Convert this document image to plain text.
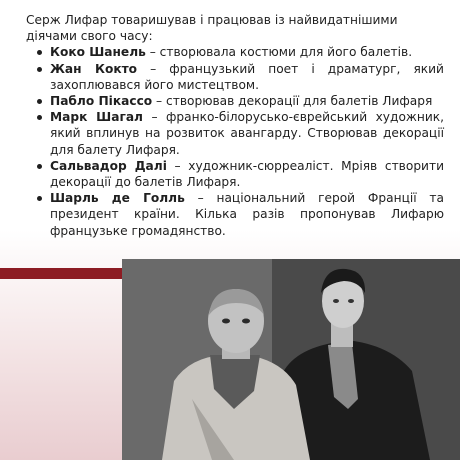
Серж Лифар товаришував і працював із найвидатнішими діячами свого часу:

Коко Шанель – створювала костюми для його балетів.
Жан Кокто – французький поет і драматург, який захоплювався його мистецтвом.
Пабло Пікассо – створював декорації для балетів Лифаря
Марк Шагал – франко-білорусько-єврейський художник, який вплинув на розвиток авангарду. Створював декорації для балету Лифаря.
Сальвадор Далі – художник-сюрреаліст. Мріяв створити декорації до балетів Лифаря.
Шарль де Голль – національний герой Франції та президент країни. Кілька разів пропонував Лифарю французьке громадянство.
